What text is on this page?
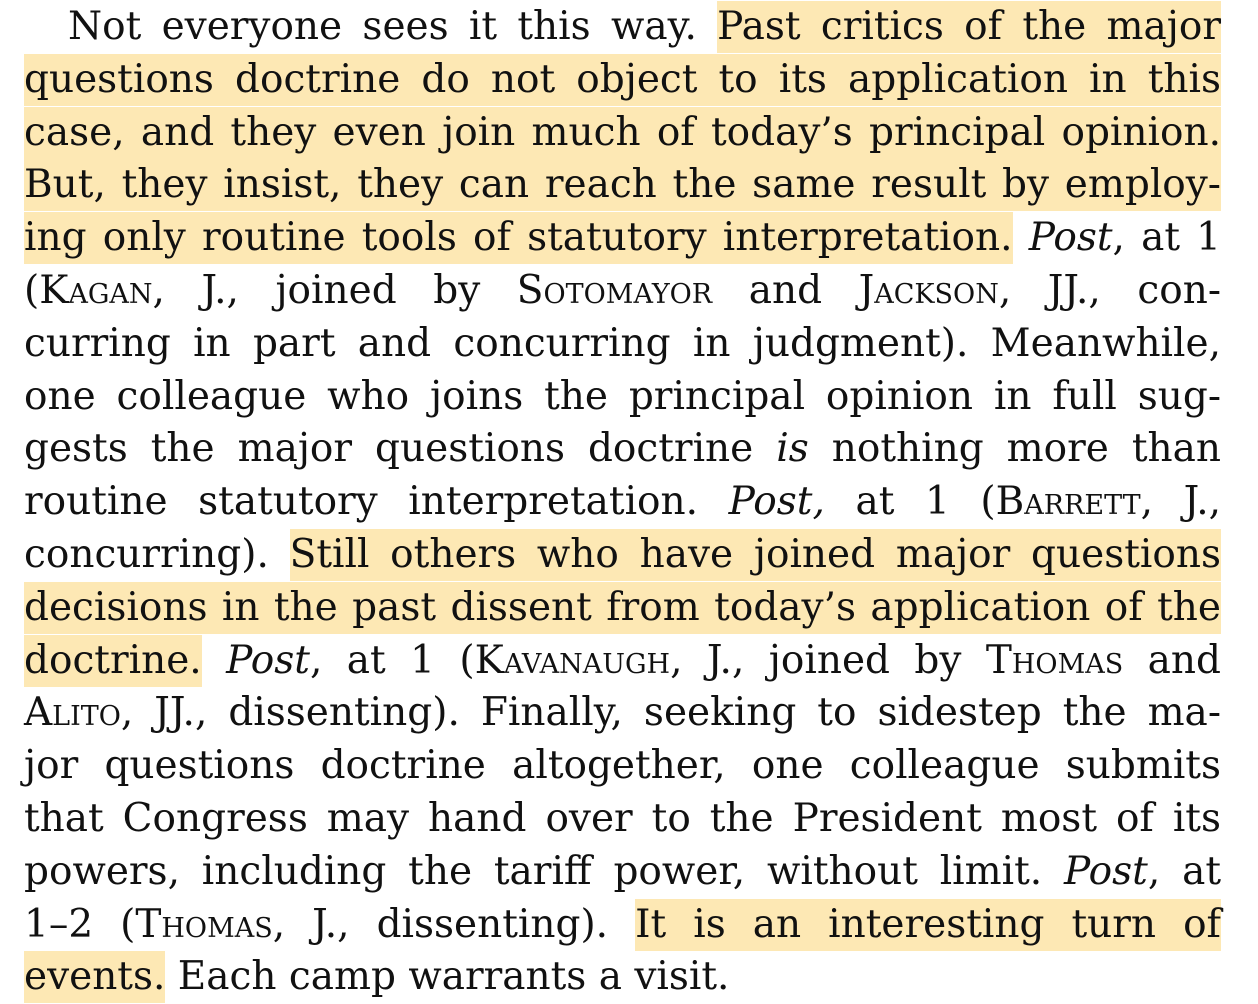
Not everyone sees it this way. Past critics of the major
questions doctrine do not object to its application in this
case, and they even join much of today’s principal opinion.
But, they insist, they can reach the same result by employ-
ing only routine tools of statutory interpretation. Post, at 1
(Kagan, J., joined by Sotomayor and Jackson, JJ., con-
curring in part and concurring in judgment). Meanwhile,
one colleague who joins the principal opinion in full sug-
gests the major questions doctrine is nothing more than
routine statutory interpretation. Post, at 1 (Barrett, J.,
concurring). Still others who have joined major questions
decisions in the past dissent from today’s application of the
doctrine. Post, at 1 (Kavanaugh, J., joined by Thomas and
Alito, JJ., dissenting). Finally, seeking to sidestep the ma-
jor questions doctrine altogether, one colleague submits
that Congress may hand over to the President most of its
powers, including the tariff power, without limit. Post, at
1–2 (Thomas, J., dissenting). It is an interesting turn of
events. Each camp warrants a visit.
